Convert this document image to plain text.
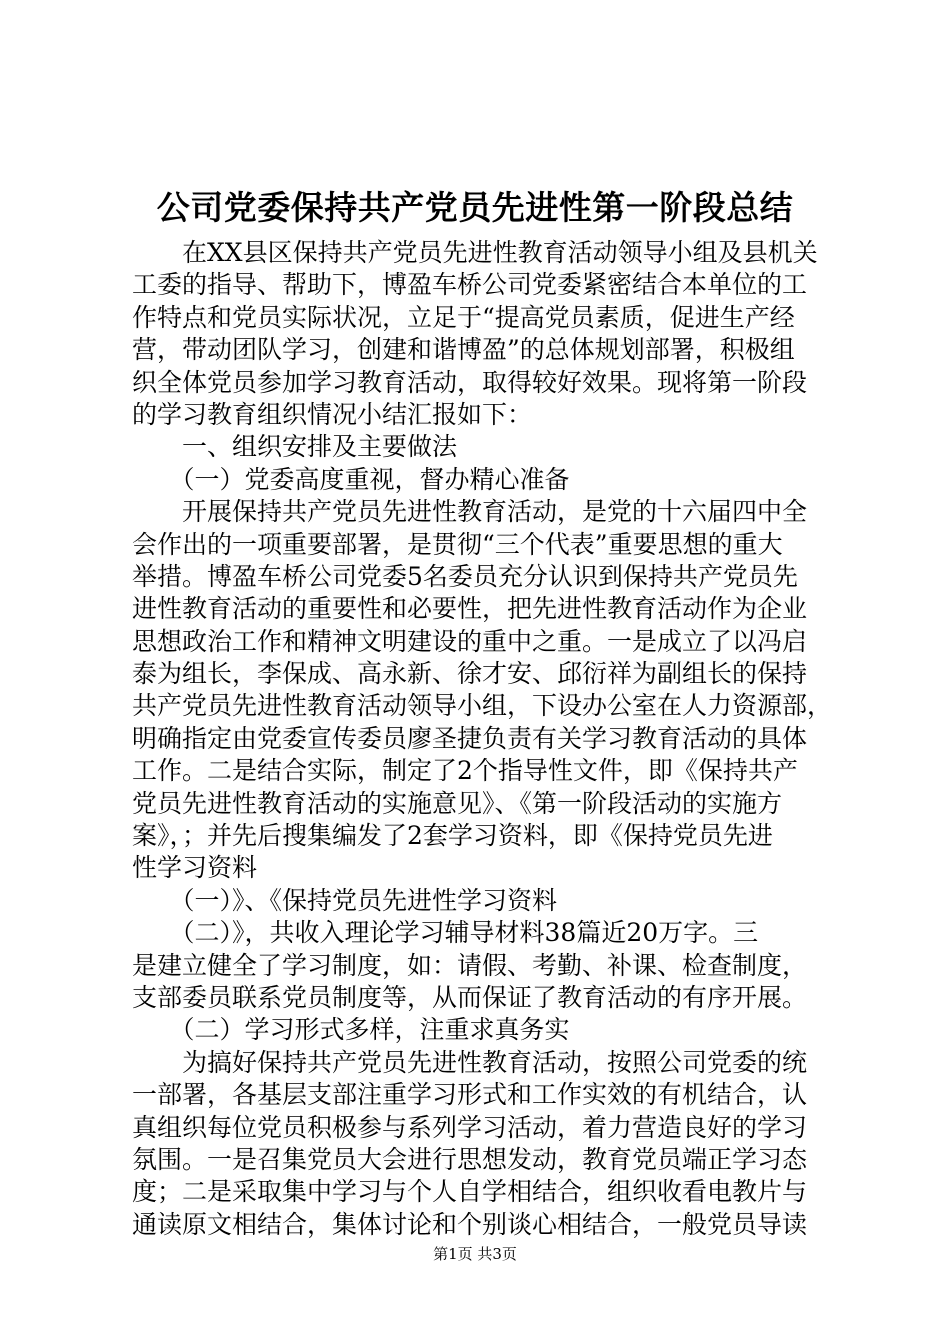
公司党委保持共产党员先进性第一阶段总结
　　在XX县区保持共产党员先进性教育活动领导小组及县机关
工委的指导、帮助下，博盈车桥公司党委紧密结合本单位的工
作特点和党员实际状况，立足于“提高党员素质，促进生产经
营，带动团队学习，创建和谐博盈”的总体规划部署，积极组
织全体党员参加学习教育活动，取得较好效果。现将第一阶段
的学习教育组织情况小结汇报如下：
　　一、组织安排及主要做法
　　（一）党委高度重视，督办精心准备
　　开展保持共产党员先进性教育活动，是党的十六届四中全
会作出的一项重要部署，是贯彻“三个代表”重要思想的重大
举措。博盈车桥公司党委5名委员充分认识到保持共产党员先
进性教育活动的重要性和必要性，把先进性教育活动作为企业
思想政治工作和精神文明建设的重中之重。一是成立了以冯启
泰为组长，李保成、高永新、徐才安、邱衍祥为副组长的保持
共产党员先进性教育活动领导小组，下设办公室在人力资源部，
明确指定由党委宣传委员廖圣捷负责有关学习教育活动的具体
工作。二是结合实际，制定了2个指导性文件，即《保持共产
党员先进性教育活动的实施意见》、《第一阶段活动的实施方
案》，；并先后搜集编发了2套学习资料，即《保持党员先进
性学习资料
　　（一）》、《保持党员先进性学习资料
　　（二）》，共收入理论学习辅导材料38篇近20万字。三
是建立健全了学习制度，如：请假、考勤、补课、检查制度，
支部委员联系党员制度等，从而保证了教育活动的有序开展。
　　（二）学习形式多样，注重求真务实
　　为搞好保持共产党员先进性教育活动，按照公司党委的统
一部署，各基层支部注重学习形式和工作实效的有机结合，认
真组织每位党员积极参与系列学习活动，着力营造良好的学习
氛围。一是召集党员大会进行思想发动，教育党员端正学习态
度；二是采取集中学习与个人自学相结合，组织收看电教片与
通读原文相结合，集体讨论和个别谈心相结合，一般党员导读
第1页 共3页
